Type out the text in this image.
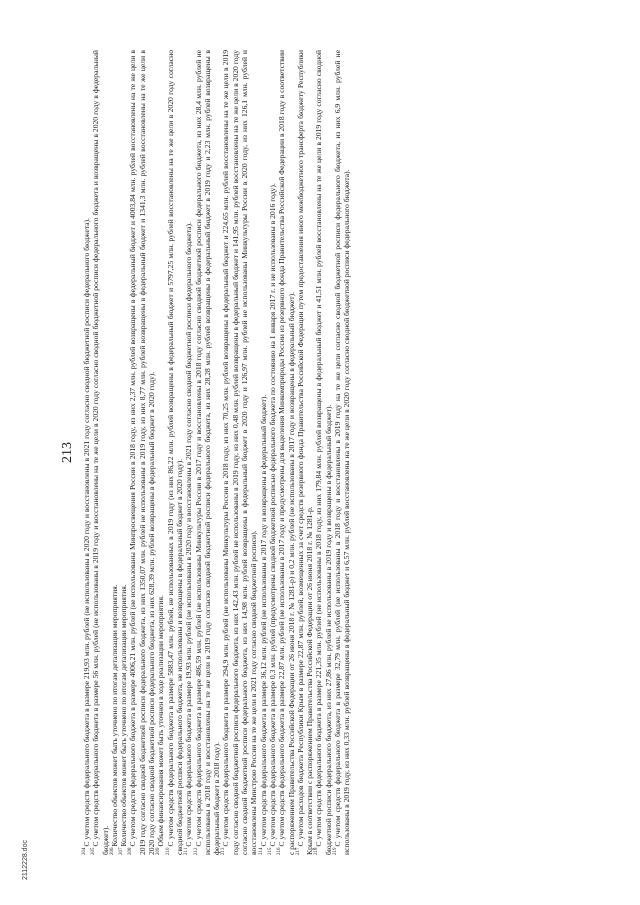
213

$^{204}$С учетом средств федерального бюджета в размере 219,93 млн. рублей (не использованы в 2020 году и восстановлены в 2021 году согласно сводной бюджетной росписи федерального бюджета).

$^{205}$С учетом средств федерального бюджета в размере 56 млн. рублей (не использованы в 2019 году и восстановлены на те же цели в 2020 году согласно сводной бюджетной росписи федерального бюджета и возвращены в 2020 году в федеральный бюджет). $^{206}$Количество объектов может быть уточнено по итогам детализации мероприятия.

$^{207}$Количество объектов может быть уточнено по итогам детализации мероприятия.

$^{208}$С учетом средств федерального бюджета в размере 4006,21 млн. рублей (не использованы Минпросвещения России в 2018 году, из них 2,37 млн. рублей возвращены в федеральный бюджет и 4003,84 млн. рублей восстановлены на те же цели в 2019 году согласно сводной бюджетной росписи федерального бюджета, из них 1350,07 млн. рублей не использованы в 2019 году, из них 8,77 млн. рублей возвращены в федеральный бюджет и 1341,3 млн. рублей восстановлены на те же цели в 2020 году согласно сводной бюджетной росписи федерального бюджета, из них 628,39 млн. рублей возвращены в федеральный бюджет в 2020 году). $^{209}$Объем финансирования может быть уточнен в ходе реализации мероприятия.

$^{210}$С учетом средств федерального бюджета в размере 5883,47 млн. рублей, не использованных в 2019 году (из них 86,22 млн. рублей возвращены в федеральный бюджет и 5797,25 млн. рублей восстановлены на те же цели в 2020 году согласно сводной бюджетной росписи федерального бюджета, не использованы и возвращены в федеральный бюджет в 2020 году). $^{211}$С учетом средств федерального бюджета в размере 19,93 млн. рублей (не использованы в 2020 году и восстановлены в 2021 году согласно сводной бюджетной росписи федерального бюджета).

$^{212}$С учетом средств федерального бюджета в размере 486,59 млн. рублей (не использованы Минкультуры России в 2017 году и восстановлены в 2018 году согласно сводной бюджетной росписи федерального бюджета, из них 28,4 млн. рублей не использованы в 2018 году и восстановлены на те же цели в 2019 году согласно сводной бюджетной росписи федерального бюджета, из них 28,28 млн. рублей возвращены в федеральный бюджет в 2019 году и 2,23 млн. рублей возвращены в федеральный бюджет в 2018 году). $^{213}$С учетом средств федерального бюджета в размере 294,9 млн. рублей (не использованы Минкультуры России в 2018 году, из них 70,25 млн. рублей возвращены в федеральный бюджет и 224,65 млн. рублей восстановлены на те же цели в 2019 году согласно сводной бюджетной росписи федерального бюджета, из них 142,43 млн. рублей не использованы в 2019 году, из них 0,48 млн. рублей возвращены в федеральный бюджет и 141,95 млн. рублей восстановлены на те же цели в 2020 году согласно сводной бюджетной росписи федерального бюджета, из них 14,98 млн. рублей возвращены в федеральный бюджет в 2020 году и 126,97 млн. рублей не использованы Минкультуры России в 2020 году, из них 126,1 млн. рублей и восстановлены Минстрою России на те же цели в 2021 году согласно сводной бюджетной росписи). $^{214}$С учетом средств федерального бюджета в размере 36,12 млн. рублей (не использованы в 2017 году и возвращены в федеральный бюджет).

$^{215}$С учетом средств федерального бюджета в размере 0,3 млн. рублей (предусмотрены сводной бюджетной росписью федерального бюджета по состоянию на 1 января 2017 г. и не использованы в 2016 году).

$^{216}$С учетом средств федерального бюджета в размере 22,87 млн. рублей (не использованы в 2017 году и предусмотрены для выделения Минкомприроды России из резервного фонда Правительства Российской Федерации в 2018 году в соответствии с распоряжением Правительства Российской Федерации от 26 июня 2018 г. № 1281-р) и 0,2 млн. рублей (не использованы в 2017 году и возвращены в федеральный бюджет). $^{217}$С учетом расходов бюджета Республики Крым в размере 22,87 млн. рублей, возмещенных за счет средств резервного фонда Правительства Российской Федерации путем предоставления иного межбюджетного трансферта бюджету Республики Крым в соответствии с распоряжением Правительства Российской Федерации от 26 июня 2018 г. № 1281-р. $^{218}$С учетом средств федерального бюджета в размере 221,35 млн. рублей (не использованы в 2018 году, из них 179,84 млн. рублей возвращены в федеральный бюджет и 41,51 млн. рублей восстановлены на те же цели в 2019 году согласно сводной бюджетной росписи федерального бюджета, из них 27,86 млн. рублей не использованы в 2019 году и возвращены в федеральный бюджет). $^{219}$С учетом средств федерального бюджета в размере 32,79 млн. рублей (не использованы в 2018 году и восстановлены в 2019 году на те же цели согласно сводной бюджетной росписи федерального бюджета, из них 6,9 млн. рублей не использованы в 2019 году, из них 0,33 млн. рублей возвращены в федеральный бюджет и 6,57 млн. рублей восстановлены на те же цели в 2020 году согласно сводной бюджетной росписи федерального бюджета).

2112228.doc
